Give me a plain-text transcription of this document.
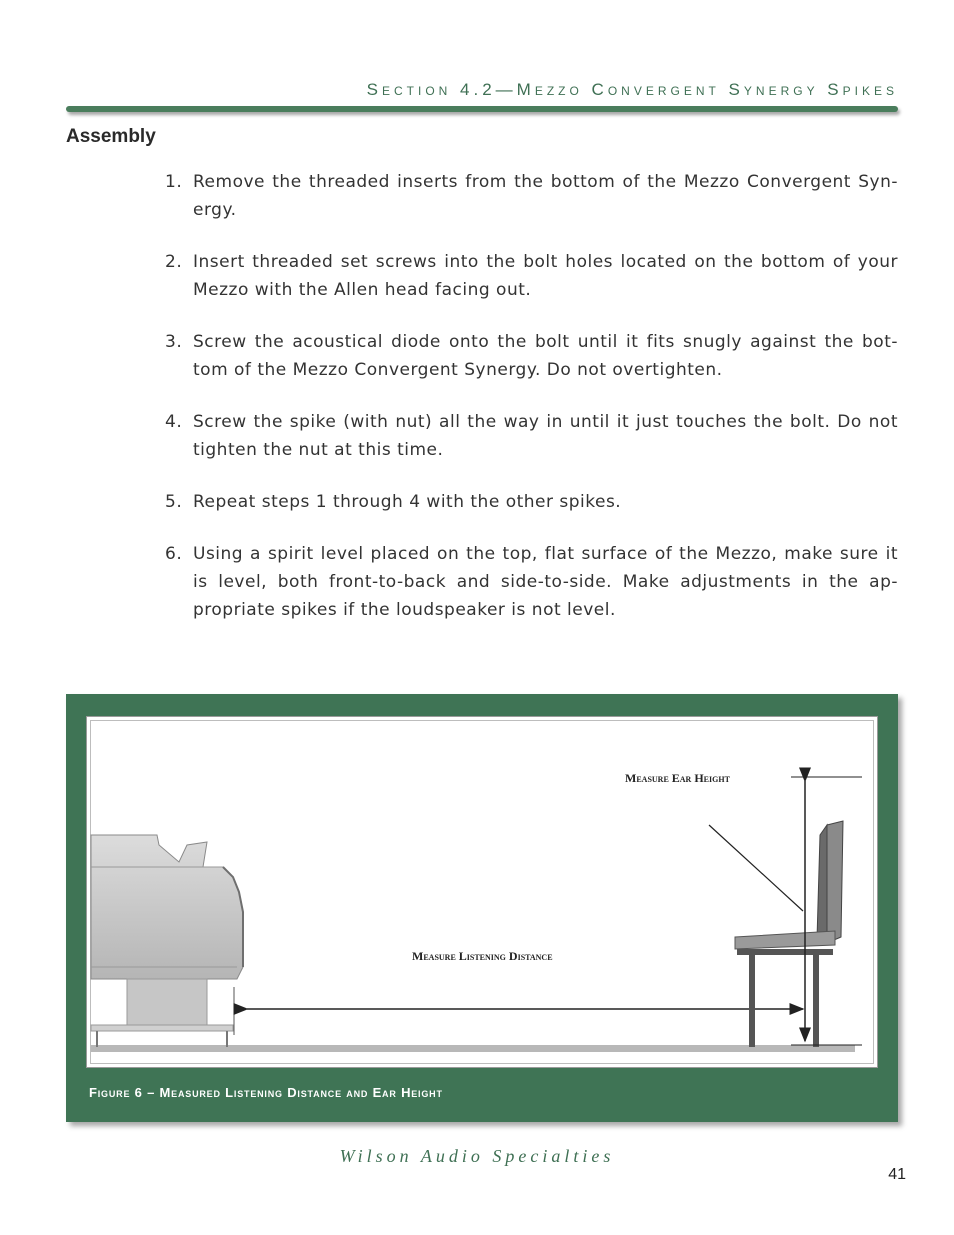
Section 4.2—Mezzo Convergent Synergy Spikes
Assembly
1. Remove the threaded inserts from the bottom of the Mezzo Convergent Syn-ergy.
2. Insert threaded set screws into the bolt holes located on the bottom of your Mezzo with the Allen head facing out.
3. Screw the acoustical diode onto the bolt until it fits snugly against the bot-tom of the Mezzo Convergent Synergy. Do not overtighten.
4. Screw the spike (with nut) all the way in until it just touches the bolt. Do not tighten the nut at this time.
5. Repeat steps 1 through 4 with the other spikes.
6. Using a spirit level placed on the top, flat surface of the Mezzo, make sure it is level, both front-to-back and side-to-side. Make adjustments in the ap-propriate spikes if the loudspeaker is not level.
Measure Ear Height
Measure Listening Distance
Figure 6 – Measured Listening Distance and Ear Height
Wilson Audio Specialties
41
